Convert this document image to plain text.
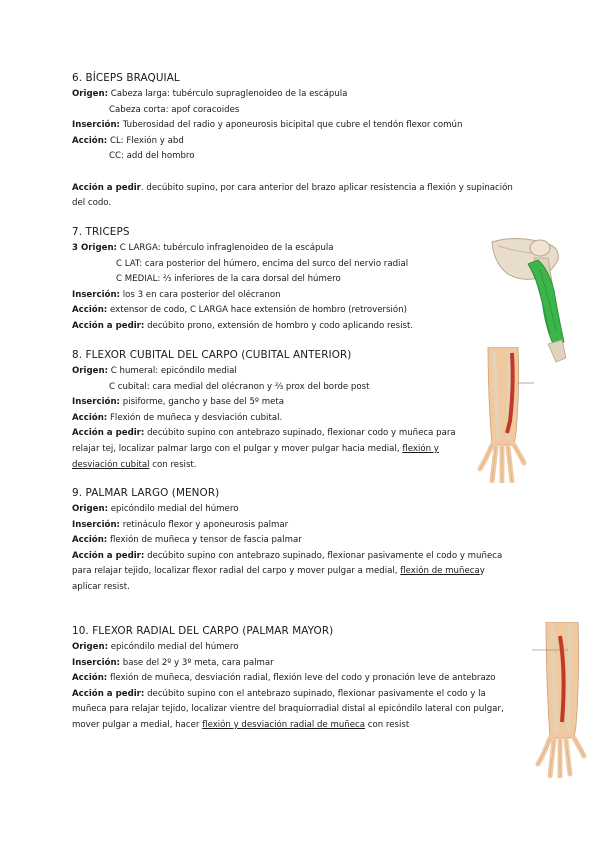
6. BÍCEPS BRAQUIAL
Origen: Cabeza larga: tubérculo supraglenoideo de la escápula
Cabeza corta: apof coracoides
Inserción: Tuberosidad del radio y aponeurosis bicipital que cubre el tendón flexor común
Acción: CL: Flexión y abd
CC: add del hombro
Acción a pedir. decúbito supino, por cara anterior del brazo aplicar resistencia a flexión y supinación
del codo.
7. TRICEPS
3 Origen: C LARGA: tubérculo infraglenoideo de la escápula
C LAT: cara posterior del húmero, encima del surco del nervio radial
C MEDIAL: ⅔ inferiores de la cara dorsal del húmero
Inserción: los 3 en cara posterior del olécranon
Acción: extensor de codo, C LARGA hace extensión de hombro (retroversión)
Acción a pedir: decúbito prono, extensión de hombro y codo aplicando resist.
8. FLEXOR CUBITAL DEL CARPO (CUBITAL ANTERIOR)
Origen: C humeral: epicóndilo medial
C cubital: cara medial del olécranon y ⅔ prox del borde post
Inserción: pisiforme, gancho y base del 5º meta
Acción: Flexión de muñeca y desviación cubital.
Acción a pedir: decúbito supino con antebrazo supinado, flexionar codo y muñeca para
relajar tej, localizar palmar largo con el pulgar y mover pulgar hacia medial, flexión y
desviación cubital con resist.
9. PALMAR LARGO (MENOR)
Origen: epicóndilo medial del húmero
Inserción: retináculo flexor y aponeurosis palmar
Acción: flexión de muñeca y tensor de fascia palmar
Acción a pedir: decúbito supino con antebrazo supinado, flexionar pasivamente el codo y muñeca
para relajar tejido, localizar flexor radial del carpo y mover pulgar a medial, flexión de muñecay
aplicar resist.
10. FLEXOR RADIAL DEL CARPO (PALMAR MAYOR)
Origen: epicóndilo medial del húmero
Inserción: base del 2º y 3º meta, cara palmar
Acción: flexión de muñeca, desviación radial, flexión leve del codo y pronación leve de antebrazo
Acción a pedir: decúbito supino con el antebrazo supinado, flexionar pasivamente el codo y la
muñeca para relajar tejido, localizar vientre del braquiorradial distal al epicóndilo lateral con pulgar,
mover pulgar a medial, hacer flexión y desviación radial de muñeca con resist
